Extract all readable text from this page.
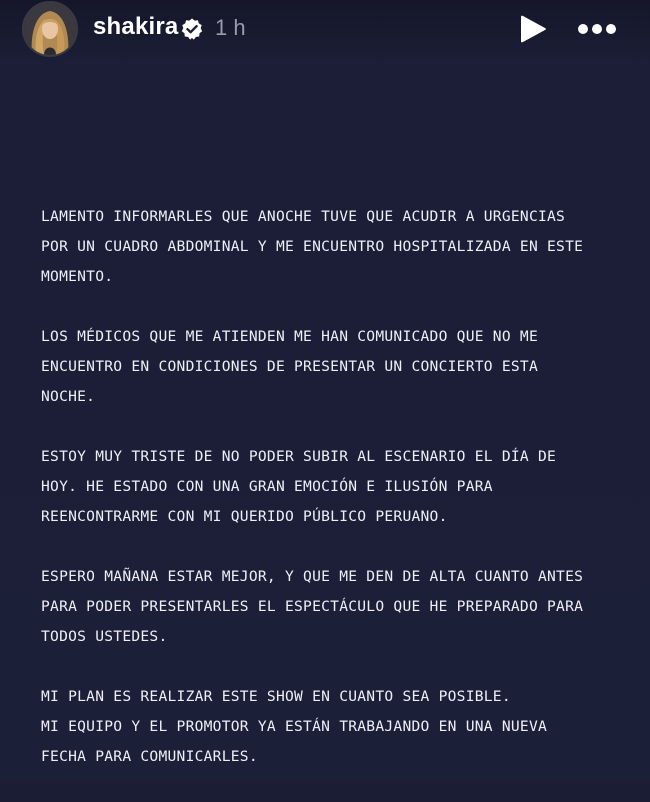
shakira 1 h
LAMENTO INFORMARLES QUE ANOCHE TUVE QUE ACUDIR A URGENCIAS
POR UN CUADRO ABDOMINAL Y ME ENCUENTRO HOSPITALIZADA EN ESTE
MOMENTO.
LOS MÉDICOS QUE ME ATIENDEN ME HAN COMUNICADO QUE NO ME
ENCUENTRO EN CONDICIONES DE PRESENTAR UN CONCIERTO ESTA
NOCHE.
ESTOY MUY TRISTE DE NO PODER SUBIR AL ESCENARIO EL DÍA DE
HOY. HE ESTADO CON UNA GRAN EMOCIÓN E ILUSIÓN PARA
REENCONTRARME CON MI QUERIDO PÚBLICO PERUANO.
ESPERO MAÑANA ESTAR MEJOR, Y QUE ME DEN DE ALTA CUANTO ANTES
PARA PODER PRESENTARLES EL ESPECTÁCULO QUE HE PREPARADO PARA
TODOS USTEDES.
MI PLAN ES REALIZAR ESTE SHOW EN CUANTO SEA POSIBLE.
MI EQUIPO Y EL PROMOTOR YA ESTÁN TRABAJANDO EN UNA NUEVA
FECHA PARA COMUNICARLES.
